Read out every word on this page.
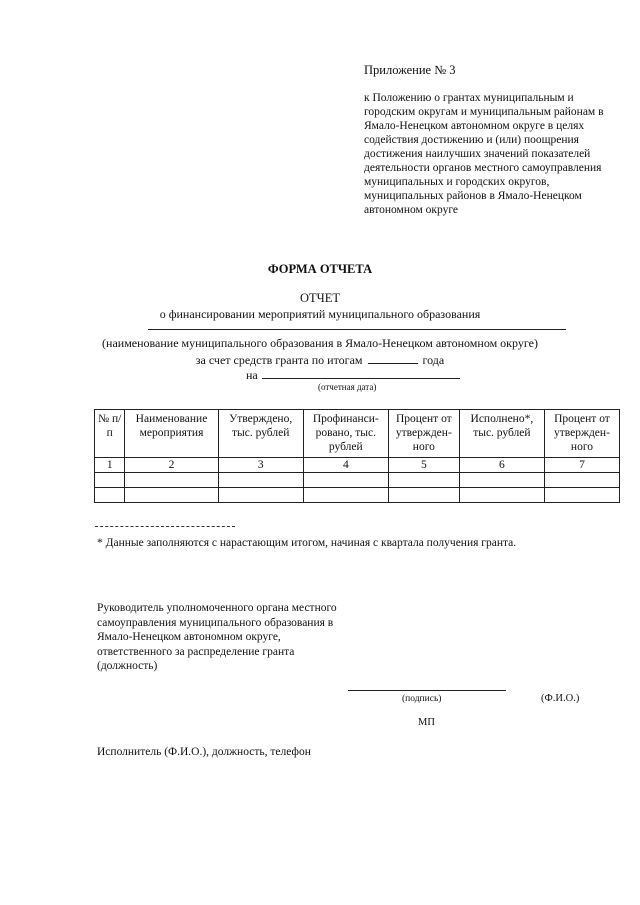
Приложение № 3
к Положению о грантах муниципальным и городским округам и муниципальным районам в Ямало-Ненецком автономном округе в целях содействия достижению и (или) поощрения достижения наилучших значений показателей деятельности органов местного самоуправления муниципальных и городских округов, муниципальных районов в Ямало-Ненецком автономном округе
ФОРМА ОТЧЕТА
ОТЧЕТ
о финансировании мероприятий муниципального образования
(наименование муниципального образования в Ямало-Ненецком автономном округе)
за счет средств гранта по итогам	года
на
(отчетная дата)
№ п/п	Наименование мероприятия	Утверждено, тыс. рублей	Профинанси-ровано, тыс. рублей	Процент от утвержден-ного	Исполнено*, тыс. рублей	Процент от утвержден-ного
1	2	3	4	5	6	7

* Данные заполняются с нарастающим итогом, начиная с квартала получения гранта.
Руководитель уполномоченного органа местного самоуправления муниципального образования в Ямало-Ненецком автономном округе, ответственного за распределение гранта (должность)
(подпись)	(Ф.И.О.)
МП
Исполнитель (Ф.И.О.), должность, телефон
